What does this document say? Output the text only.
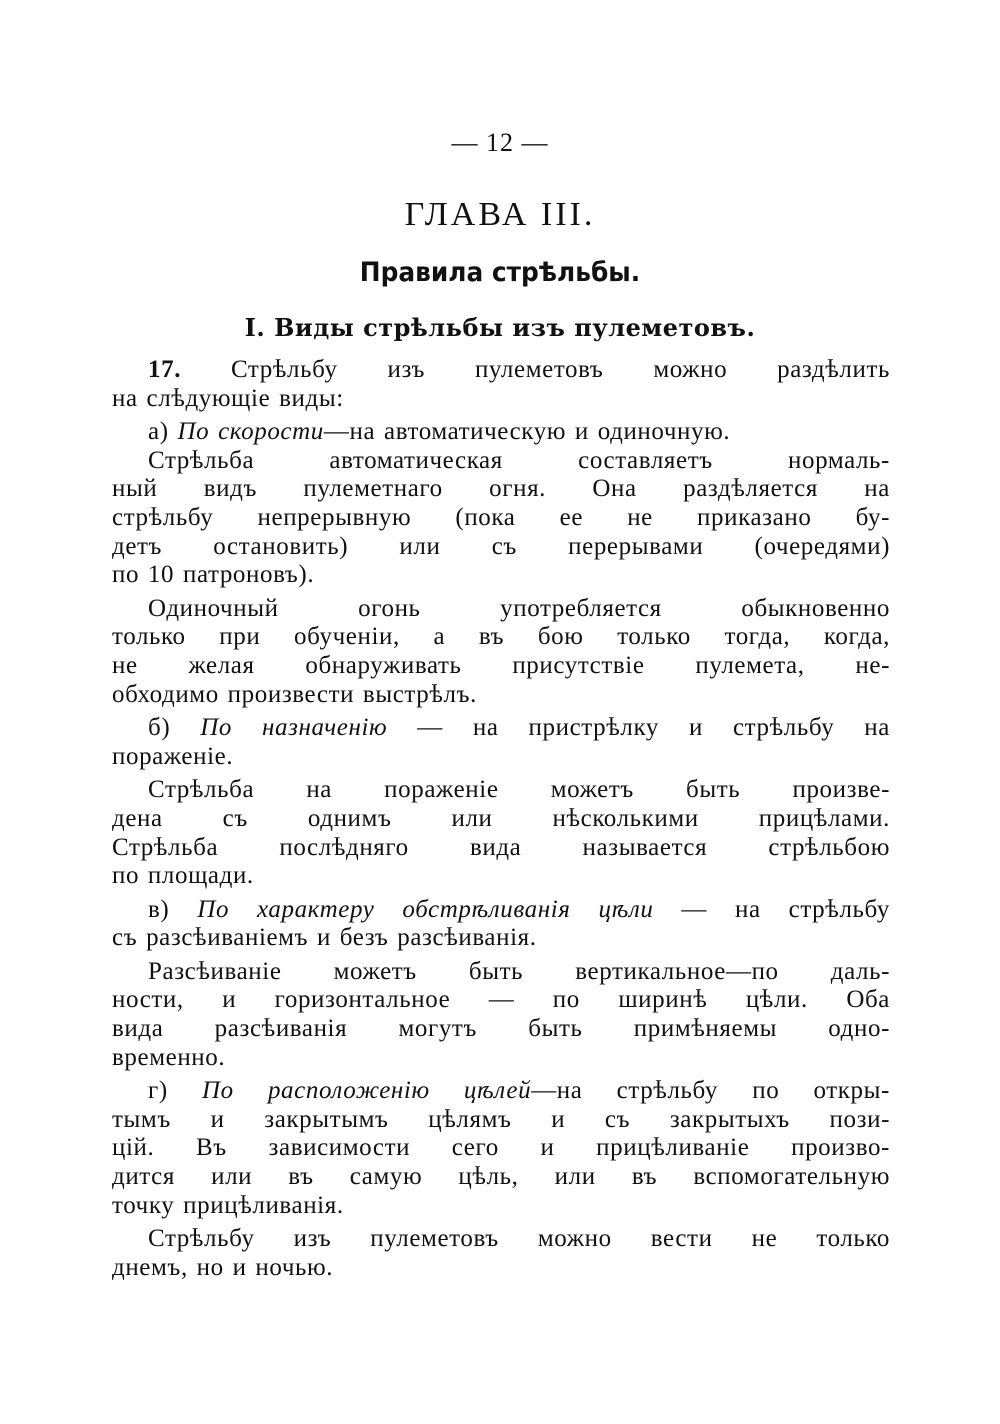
— 12 —
ГЛАВА III.
Правила стрѣльбы.
I. Виды стрѣльбы изъ пулеметовъ.
17. Стрѣльбу изъ пулеметовъ можно раздѣлить
на слѣдующіе виды:
а) По скорости—на автоматическую и одиночную.
Стрѣльба автоматическая составляетъ нормаль-
ный видъ пулеметнаго огня. Она раздѣляется на
стрѣльбу непрерывную (пока ее не приказано бу-
детъ остановить) или съ перерывами (очередями)
по 10 патроновъ).
Одиночный огонь употребляется обыкновенно
только при обученіи, а въ бою только тогда, когда,
не желая обнаруживать присутствіе пулемета, не-
обходимо произвести выстрѣлъ.
б) По назначенію — на пристрѣлку и стрѣльбу на
пораженіе.
Стрѣльба на пораженіе можетъ быть произве-
дена съ однимъ или нѣсколькими прицѣлами.
Стрѣльба послѣдняго вида называется стрѣльбою
по площади.
в) По характеру обстрѣливанія цѣли — на стрѣльбу
съ разсѣиваніемъ и безъ разсѣиванія.
Разсѣиваніе можетъ быть вертикальное—по даль-
ности, и горизонтальное — по ширинѣ цѣли. Оба
вида разсѣиванія могутъ быть примѣняемы одно-
временно.
г) По расположенію цѣлей—на стрѣльбу по откры-
тымъ и закрытымъ цѣлямъ и съ закрытыхъ пози-
цій. Въ зависимости сего и прицѣливаніе произво-
дится или въ самую цѣль, или въ вспомогательную
точку прицѣливанія.
Стрѣльбу изъ пулеметовъ можно вести не только
днемъ, но и ночью.
